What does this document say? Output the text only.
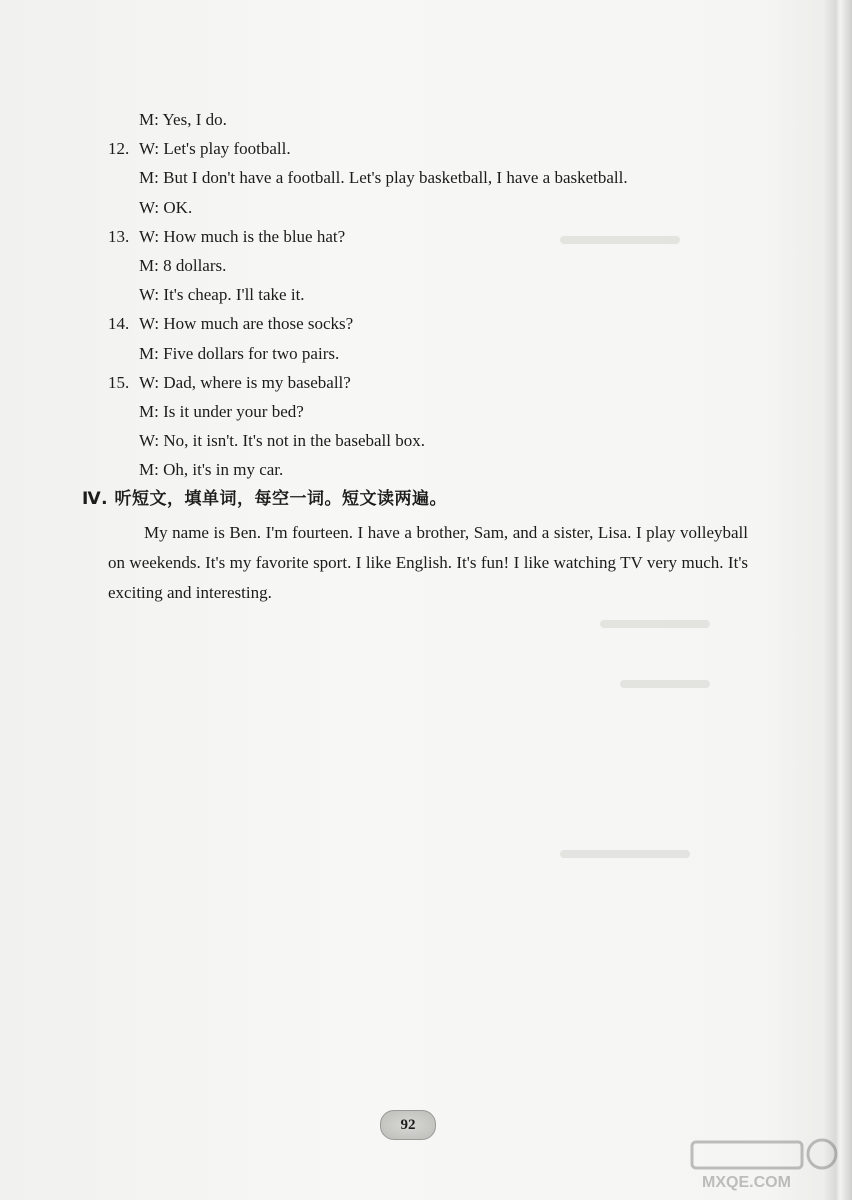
M: Yes, I do.
12. W: Let's play football.
M: But I don't have a football. Let's play basketball, I have a basketball.
W: OK.
13. W: How much is the blue hat?
M: 8 dollars.
W: It's cheap. I'll take it.
14. W: How much are those socks?
M: Five dollars for two pairs.
15. W: Dad, where is my baseball?
M: Is it under your bed?
W: No, it isn't. It's not in the baseball box.
M: Oh, it's in my car.
Ⅳ. 听短文，填单词，每空一词。短文读两遍。
My name is Ben. I'm fourteen. I have a brother, Sam, and a sister, Lisa. I play volleyball on weekends. It's my favorite sport. I like English. It's fun! I like watching TV very much. It's exciting and interesting.
92
MXQE.COM
